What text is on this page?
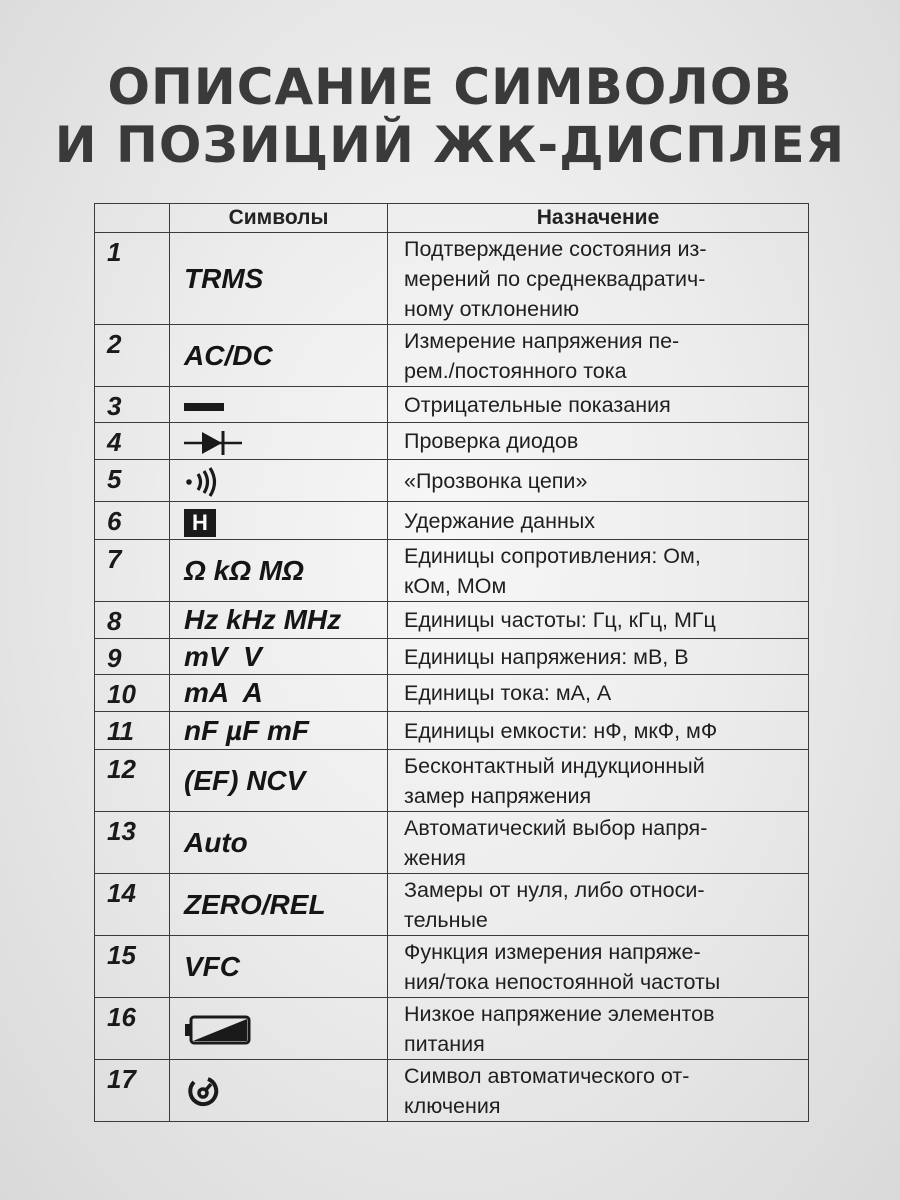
ОПИСАНИЕ СИМВОЛОВ
И ПОЗИЦИЙ ЖК-ДИСПЛЕЯ
	Символы	Назначение
1	TRMS	Подтверждение состояния из-
мерений по среднеквадратич-
ному отклонению

2	AC/DC	Измерение напряжения пе-
рем./постоянного тока

3		Отрицательные показания

4		Проверка диодов

5		«Прозвонка цепи»

6	H	Удержание данных

7	Ω kΩ MΩ	Единицы сопротивления: Ом,
кОм, МОм

8	Hz kHz MHz	Единицы частоты: Гц, кГц, МГц

9	mV  V	Единицы напряжения: мВ, В

10	mA  A	Единицы тока: мА, А

11	nF µF mF	Единицы емкости: нФ, мкФ, мФ

12	(EF) NCV	Бесконтактный индукционный
замер напряжения

13	Auto	Автоматический выбор напря-
жения

14	ZERO/REL	Замеры от нуля, либо относи-
тельные

15	VFC	Функция измерения напряже-
ния/тока непостоянной частоты

16		Низкое напряжение элементов
питания

17		Символ автоматического от-
ключения
